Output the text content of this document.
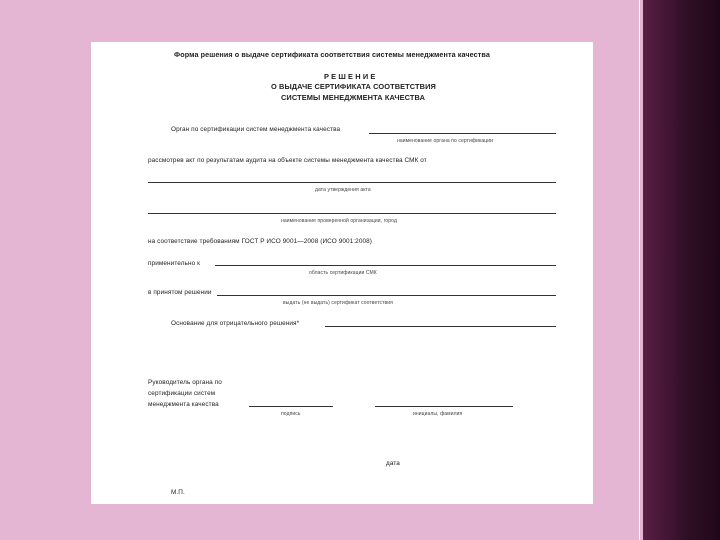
Форма решения о выдаче сертификата соответствия системы менеджмента качества
Р Е Ш Е Н И Е
О ВЫДАЧЕ СЕРТИФИКАТА СООТВЕТСТВИЯ
СИСТЕМЫ МЕНЕДЖМЕНТА КАЧЕСТВА
Орган по сертификации систем менеджмента качества
наименование органа по сертификации
рассмотрев акт по результатам аудита на объекте системы менеджмента качества СМК от
дата утверждения акта
наименование проверенной организации, город
на соответствие требованиям ГОСТ Р ИСО 9001—2008 (ИСО 9001:2008)
применительно к
область сертификации СМК
в принятом решении
выдать (не выдать) сертификат соответствия
Основание для отрицательного решения*
Руководитель органа по
сертификации систем
менеджмента качества
подпись	инициалы, фамилия
дата
М.П.
